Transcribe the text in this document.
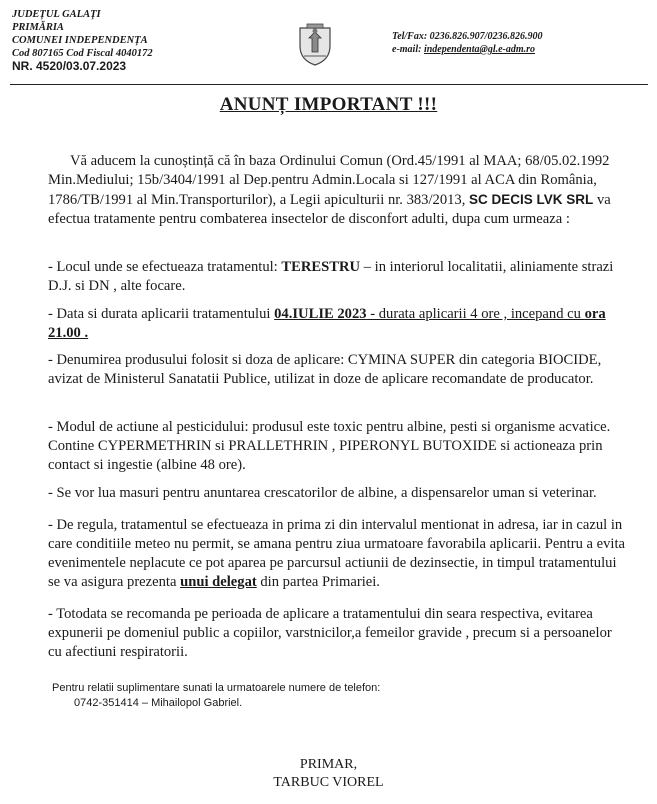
JUDEȚUL GALAȚI
PRIMĂRIA
COMUNEI INDEPENDENȚA
Cod 807165 Cod Fiscal 4040172
NR. 4520/03.07.2023
Tel/Fax: 0236.826.907/0236.826.900
e-mail: independenta@gl.e-adm.ro
ANUNȚ IMPORTANT !!!
Vă aducem la cunoștință că în baza Ordinului Comun (Ord.45/1991 al MAA; 68/05.02.1992 Min.Mediului; 15b/3404/1991 al Dep.pentru Admin.Locala si 127/1991 al ACA din România, 1786/TB/1991 al Min.Transporturilor), a Legii apiculturii nr. 383/2013, SC DECIS LVK SRL va efectua tratamente pentru combaterea insectelor de disconfort adulti, dupa cum urmeaza :
- Locul unde se efectueaza tratamentul: TERESTRU – in interiorul localitatii, aliniamente strazi D.J. si DN , alte focare.
- Data si durata aplicarii tratamentului 04.IULIE 2023 - durata aplicarii 4 ore , incepand cu ora 21.00 .
- Denumirea produsului folosit si doza de aplicare: CYMINA SUPER din categoria BIOCIDE, avizat de Ministerul Sanatatii Publice, utilizat in doze de aplicare recomandate de producator.
- Modul de actiune al pesticidului: produsul este toxic pentru albine, pesti si organisme acvatice. Contine CYPERMETHRIN si PRALLETHRIN , PIPERONYL BUTOXIDE si actioneaza prin contact si ingestie (albine 48 ore).
- Se vor lua masuri pentru anuntarea crescatorilor de albine, a dispensarelor uman si veterinar.
- De regula, tratamentul se efectueaza in prima zi din intervalul mentionat in adresa, iar in cazul in care conditiile meteo nu permit, se amana pentru ziua urmatoare favorabila aplicarii. Pentru a evita evenimentele neplacute ce pot aparea pe parcursul actiunii de dezinsectie, in timpul tratamentului se va asigura prezenta unui delegat din partea Primariei.
- Totodata se recomanda pe perioada de aplicare a tratamentului din seara respectiva, evitarea expunerii pe domeniul public a copiilor, varstnicilor,a femeilor gravide , precum si a persoanelor cu afectiuni respiratorii.
Pentru relatii suplimentare sunati la urmatoarele numere de telefon:
0742-351414 – Mihailopol Gabriel.
PRIMAR,
TARBUC VIOREL
